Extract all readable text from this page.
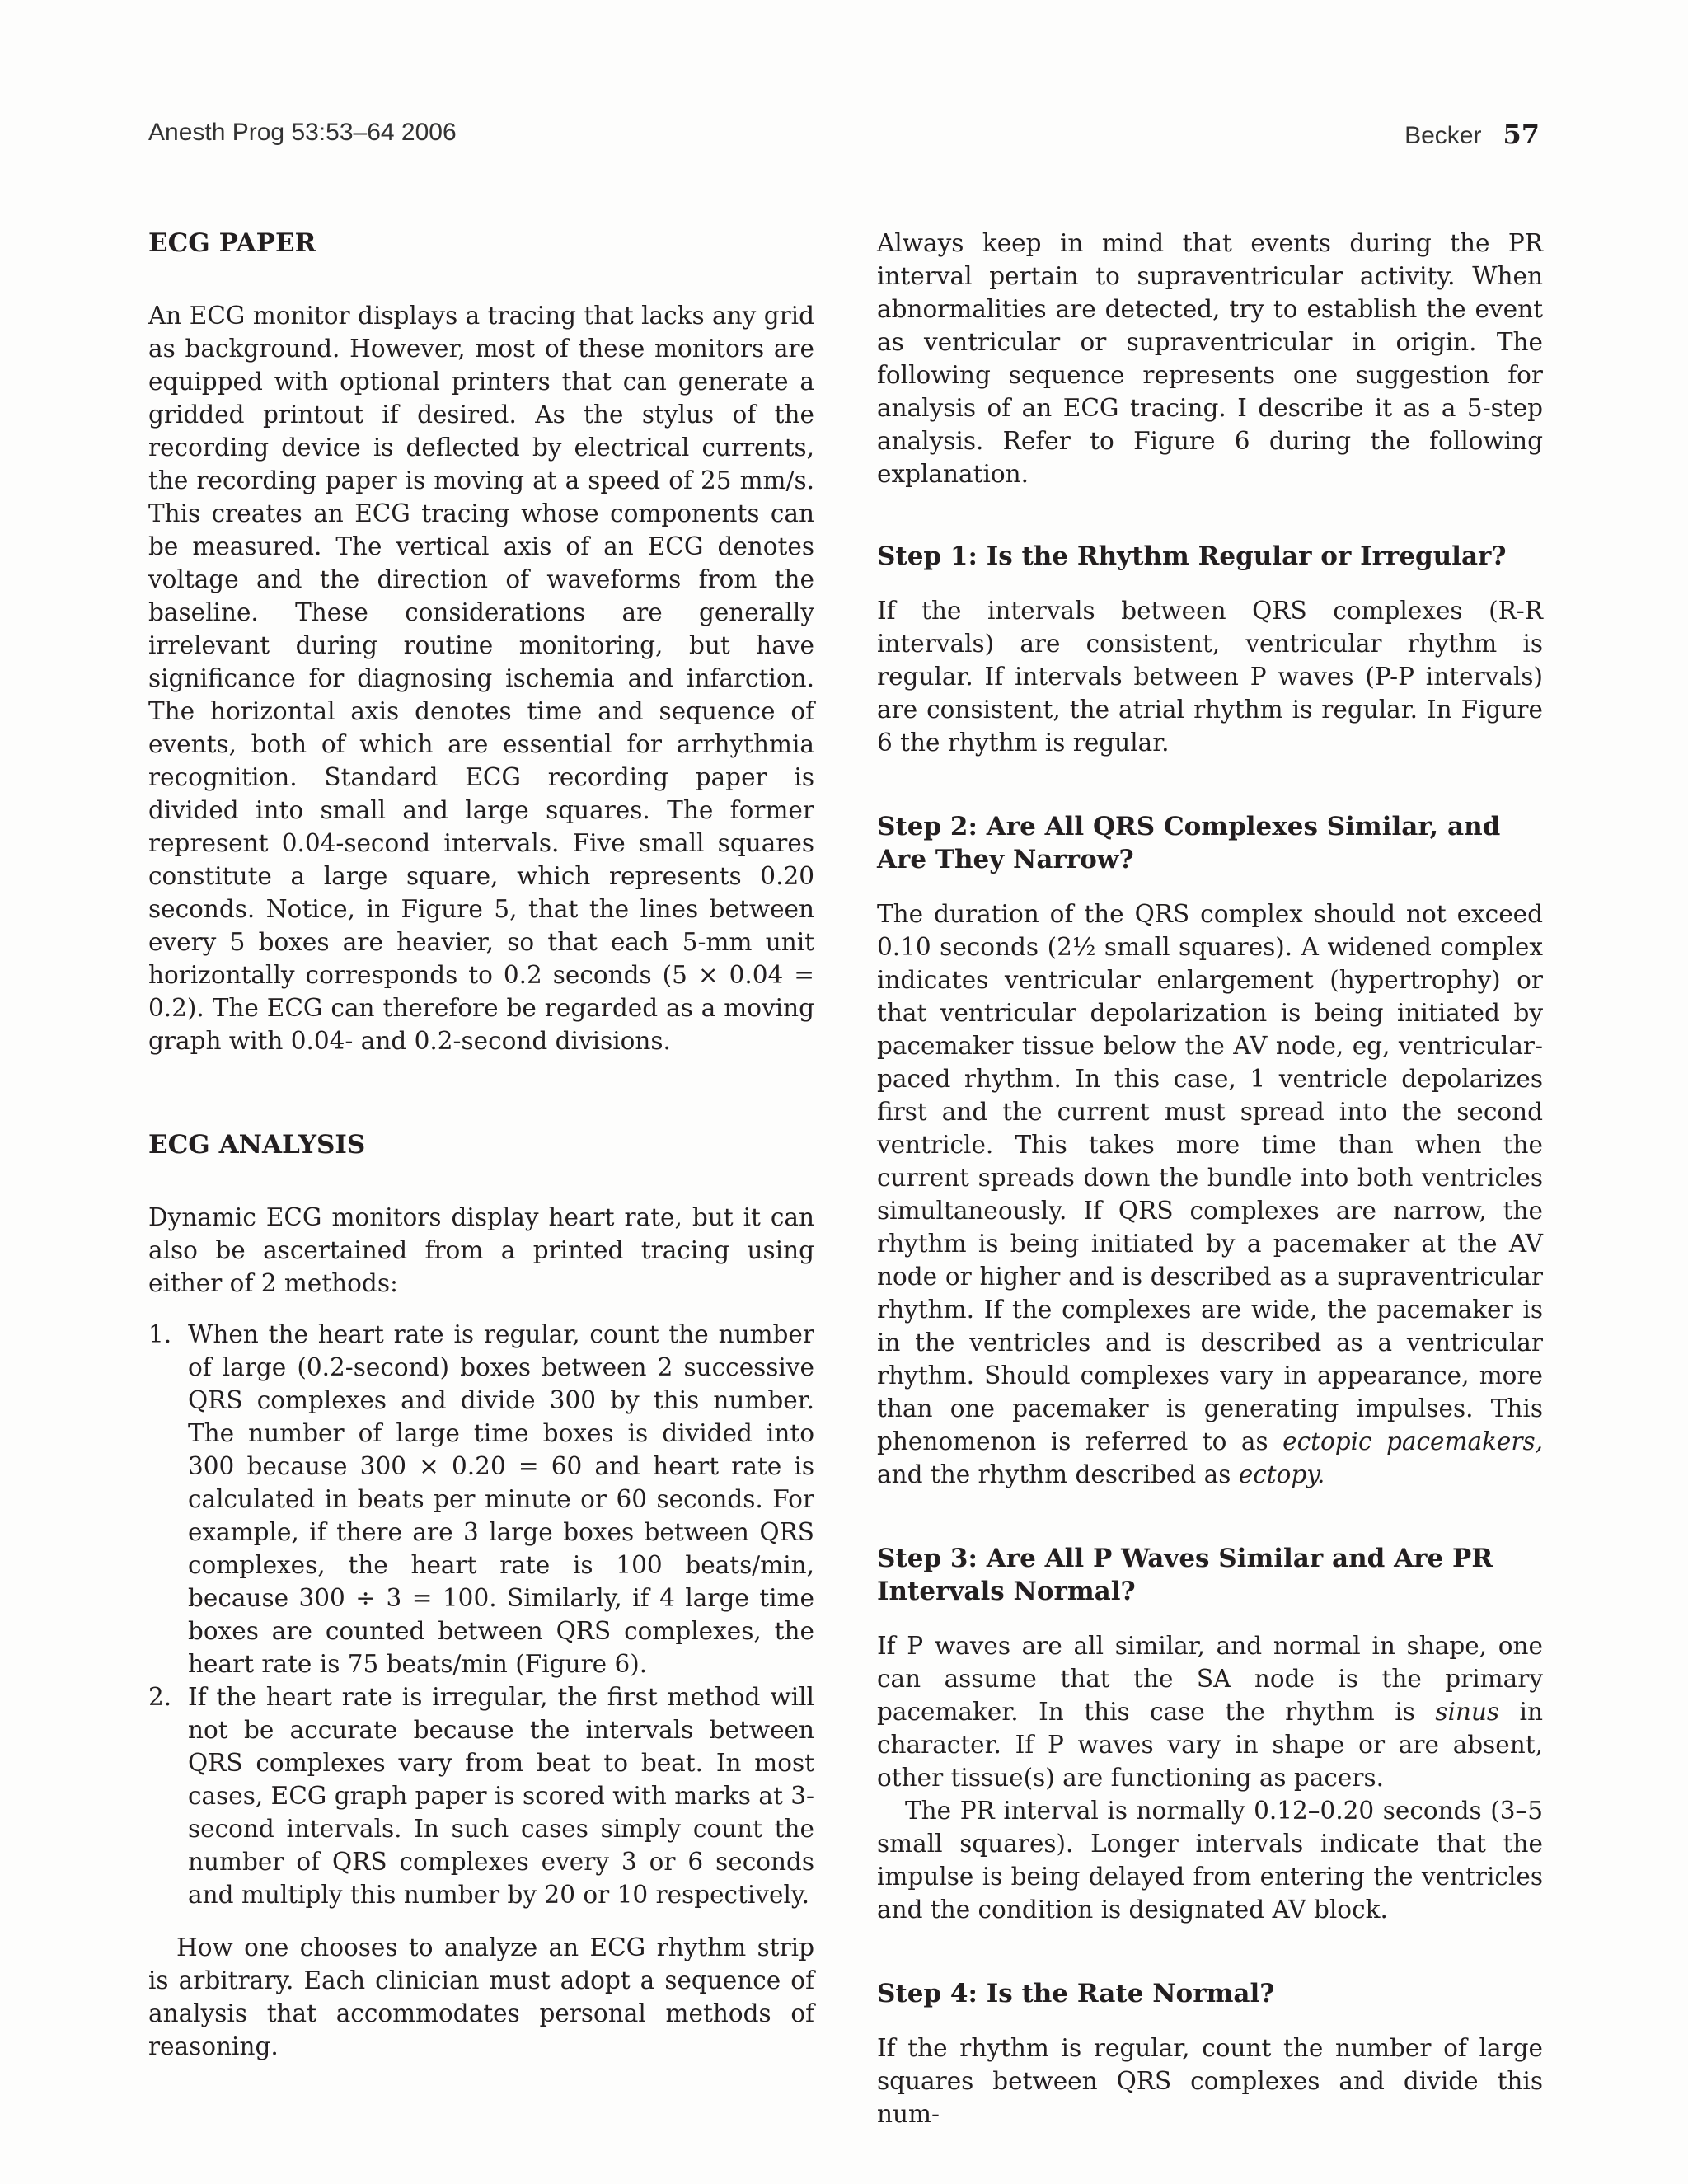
Anesth Prog 53:53–64 2006	Becker 57
ECG PAPER

An ECG monitor displays a tracing that lacks any grid as background. However, most of these monitors are equipped with optional printers that can generate a gridded printout if desired. As the stylus of the recording device is deflected by electrical currents, the recording paper is moving at a speed of 25 mm/s. This creates an ECG tracing whose components can be measured. The vertical axis of an ECG denotes voltage and the direction of waveforms from the baseline. These considerations are generally irrelevant during routine monitoring, but have significance for diagnosing ischemia and infarction. The horizontal axis denotes time and sequence of events, both of which are essential for arrhythmia recognition. Standard ECG recording paper is divided into small and large squares. The former represent 0.04-second intervals. Five small squares constitute a large square, which represents 0.20 seconds. Notice, in Figure 5, that the lines between every 5 boxes are heavier, so that each 5-mm unit horizontally corresponds to 0.2 seconds (5 × 0.04 = 0.2). The ECG can therefore be regarded as a moving graph with 0.04- and 0.2-second divisions.

ECG ANALYSIS

Dynamic ECG monitors display heart rate, but it can also be ascertained from a printed tracing using either of 2 methods:

1. When the heart rate is regular, count the number of large (0.2-second) boxes between 2 successive QRS complexes and divide 300 by this number. The number of large time boxes is divided into 300 because 300 × 0.20 = 60 and heart rate is calculated in beats per minute or 60 seconds. For example, if there are 3 large boxes between QRS complexes, the heart rate is 100 beats/min, because 300 ÷ 3 = 100. Similarly, if 4 large time boxes are counted between QRS complexes, the heart rate is 75 beats/min (Figure 6).
2. If the heart rate is irregular, the first method will not be accurate because the intervals between QRS complexes vary from beat to beat. In most cases, ECG graph paper is scored with marks at 3-second intervals. In such cases simply count the number of QRS complexes every 3 or 6 seconds and multiply this number by 20 or 10 respectively.

How one chooses to analyze an ECG rhythm strip is arbitrary. Each clinician must adopt a sequence of analysis that accommodates personal methods of reasoning.

Always keep in mind that events during the PR interval pertain to supraventricular activity. When abnormalities are detected, try to establish the event as ventricular or supraventricular in origin. The following sequence represents one suggestion for analysis of an ECG tracing. I describe it as a 5-step analysis. Refer to Figure 6 during the following explanation.

Step 1: Is the Rhythm Regular or Irregular?

If the intervals between QRS complexes (R-R intervals) are consistent, ventricular rhythm is regular. If intervals between P waves (P-P intervals) are consistent, the atrial rhythm is regular. In Figure 6 the rhythm is regular.

Step 2: Are All QRS Complexes Similar, and Are They Narrow?

The duration of the QRS complex should not exceed 0.10 seconds (2½ small squares). A widened complex indicates ventricular enlargement (hypertrophy) or that ventricular depolarization is being initiated by pacemaker tissue below the AV node, eg, ventricular-paced rhythm. In this case, 1 ventricle depolarizes first and the current must spread into the second ventricle. This takes more time than when the current spreads down the bundle into both ventricles simultaneously. If QRS complexes are narrow, the rhythm is being initiated by a pacemaker at the AV node or higher and is described as a supraventricular rhythm. If the complexes are wide, the pacemaker is in the ventricles and is described as a ventricular rhythm. Should complexes vary in appearance, more than one pacemaker is generating impulses. This phenomenon is referred to as ectopic pacemakers, and the rhythm described as ectopy.

Step 3: Are All P Waves Similar and Are PR Intervals Normal?

If P waves are all similar, and normal in shape, one can assume that the SA node is the primary pacemaker. In this case the rhythm is sinus in character. If P waves vary in shape or are absent, other tissue(s) are functioning as pacers.

The PR interval is normally 0.12–0.20 seconds (3–5 small squares). Longer intervals indicate that the impulse is being delayed from entering the ventricles and the condition is designated AV block.

Step 4: Is the Rate Normal?

If the rhythm is regular, count the number of large squares between QRS complexes and divide this num-
